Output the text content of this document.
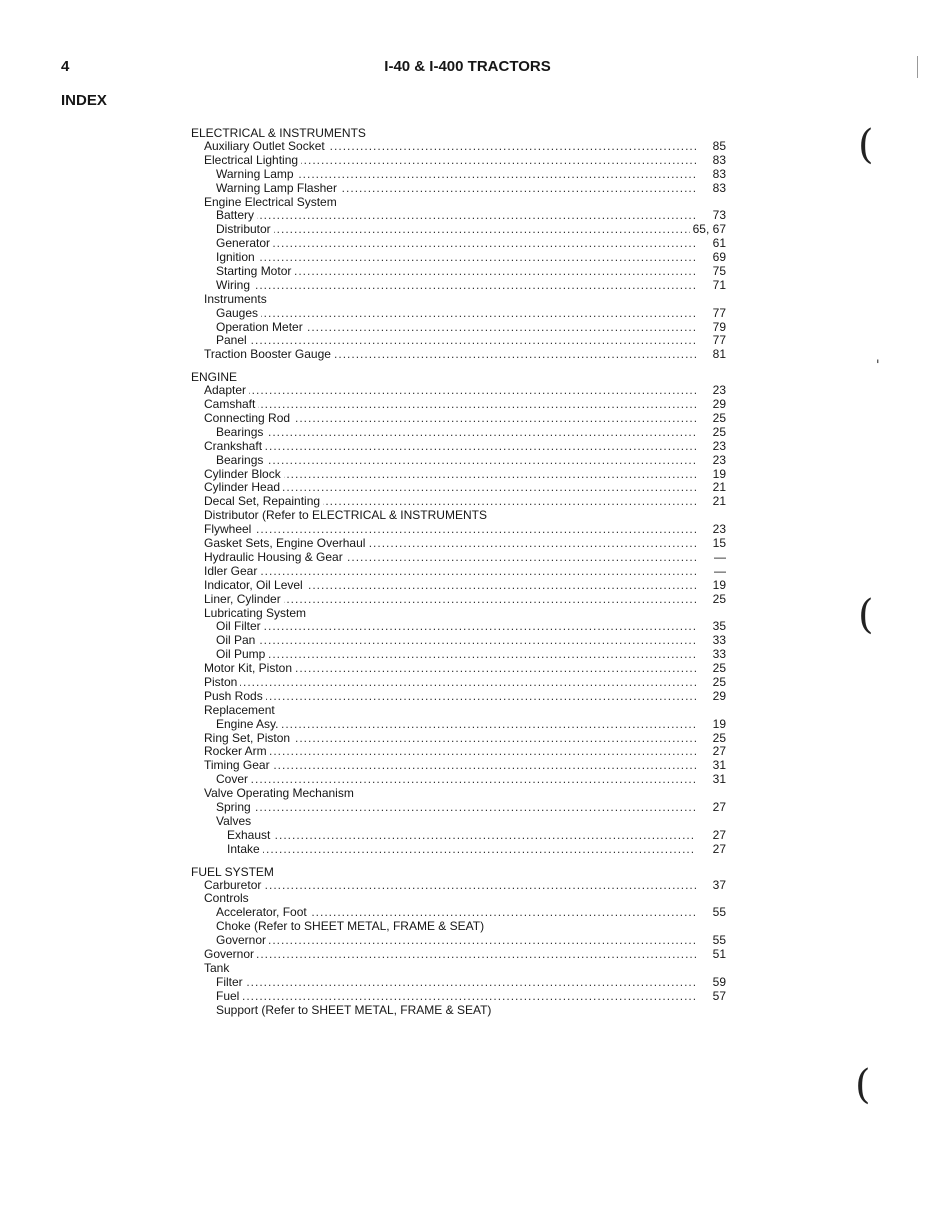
4	I-40 & I-400 TRACTORS
INDEX
(
'
(
(
ELECTRICAL & INSTRUMENTS
Auxiliary Outlet Socket .....	85
Electrical Lighting .....	83
Warning Lamp .....	83
Warning Lamp Flasher .....	83
Engine Electrical System
Battery .....	73
Distributor .....	65, 67
Generator .....	61
Ignition .....	69
Starting Motor .....	75
Wiring .....	71
Instruments
Gauges .....	77
Operation Meter .....	79
Panel .....	77
Traction Booster Gauge .....	81
ENGINE
Adapter .....	23
Camshaft .....	29
Connecting Rod .....	25
Bearings .....	25
Crankshaft .....	23
Bearings .....	23
Cylinder Block .....	19
Cylinder Head .....	21
Decal Set, Repainting .....	21
Distributor (Refer to ELECTRICAL & INSTRUMENTS
Flywheel .....	23
Gasket Sets, Engine Overhaul .....	15
Hydraulic Housing & Gear .....	—
Idler Gear .....	—
Indicator, Oil Level .....	19
Liner, Cylinder .....	25
Lubricating System
Oil Filter .....	35
Oil Pan .....	33
Oil Pump .....	33
Motor Kit, Piston .....	25
Piston .....	25
Push Rods .....	29
Replacement
Engine Asy. .....	19
Ring Set, Piston .....	25
Rocker Arm .....	27
Timing Gear .....	31
Cover .....	31
Valve Operating Mechanism
Spring .....	27
Valves
Exhaust .....	27
Intake .....	27
FUEL SYSTEM
Carburetor .....	37
Controls
Accelerator, Foot .....	55
Choke (Refer to SHEET METAL, FRAME & SEAT)
Governor .....	55
Governor .....	51
Tank
Filter .....	59
Fuel .....	57
Support (Refer to SHEET METAL, FRAME & SEAT)
